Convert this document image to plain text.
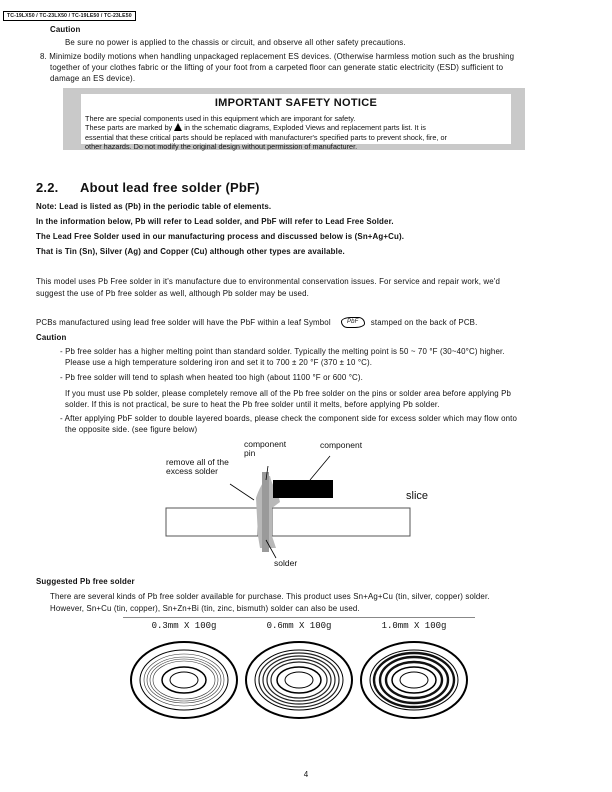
TC-19LX50 / TC-23LX50 / TC-19LE50 / TC-23LE50
Caution
Be sure no power is applied to the chassis or circuit, and observe all other safety precautions.
8. Minimize bodily motions when handling unpackaged replacement ES devices. (Otherwise harmless motion such as the brushing
together of your clothes fabric or the lifting of your foot from a carpeted floor can generate static electricity (ESD) sufficient to
damage an ES device).
IMPORTANT SAFETY NOTICE
There are special components used in this equipment which are imporant for safety.
These parts are marked by in the schematic diagrams, Exploded Views and replacement parts list. It is
essential that these critical parts should be replaced with manufacturer's specified parts to prevent shock, fire, or
other hazards. Do not modify the original design without permission of manufacturer.
2.2. About lead free solder (PbF)
Note: Lead is listed as (Pb) in the periodic table of elements.
In the information below, Pb will refer to Lead solder, and PbF will refer to Lead Free Solder.
The Lead Free Solder used in our manufacturing process and discussed below is (Sn+Ag+Cu).
That is Tin (Sn), Silver (Ag) and Copper (Cu) although other types are available.
This model uses Pb Free solder in it's manufacture due to environmental conservation issues. For service and repair work, we'd
suggest the use of Pb free solder as well, although Pb solder may be used.
PCBs manufactured using lead free solder will have the PbF within a leaf Symbol	PbF stamped on the back of PCB.
Caution
- Pb free solder has a higher melting point than standard solder. Typically the melting point is 50 ~ 70 °F (30~40°C) higher.
Please use a high temperature soldering iron and set it to 700 ± 20 °F (370 ± 10 °C).
- Pb free solder will tend to splash when heated too high (about 1100 °F or 600 °C).
If you must use Pb solder, please completely remove all of the Pb free solder on the pins or solder area before applying Pb
solder. If this is not practical, be sure to heat the Pb free solder until it melts, before applying Pb solder.
- After applying PbF solder to double layered boards, please check the component side for excess solder which may flow onto
the opposite side. (see figure below)
component
pin
component
remove all of the
excess solder
slice
solder
Suggested Pb free solder
There are several kinds of Pb free solder available for purchase. This product uses Sn+Ag+Cu (tin, silver, copper) solder.
However, Sn+Cu (tin, copper), Sn+Zn+Bi (tin, zinc, bismuth) solder can also be used.
0.3mm X 100g	0.6mm X 100g	1.0mm X 100g
4
